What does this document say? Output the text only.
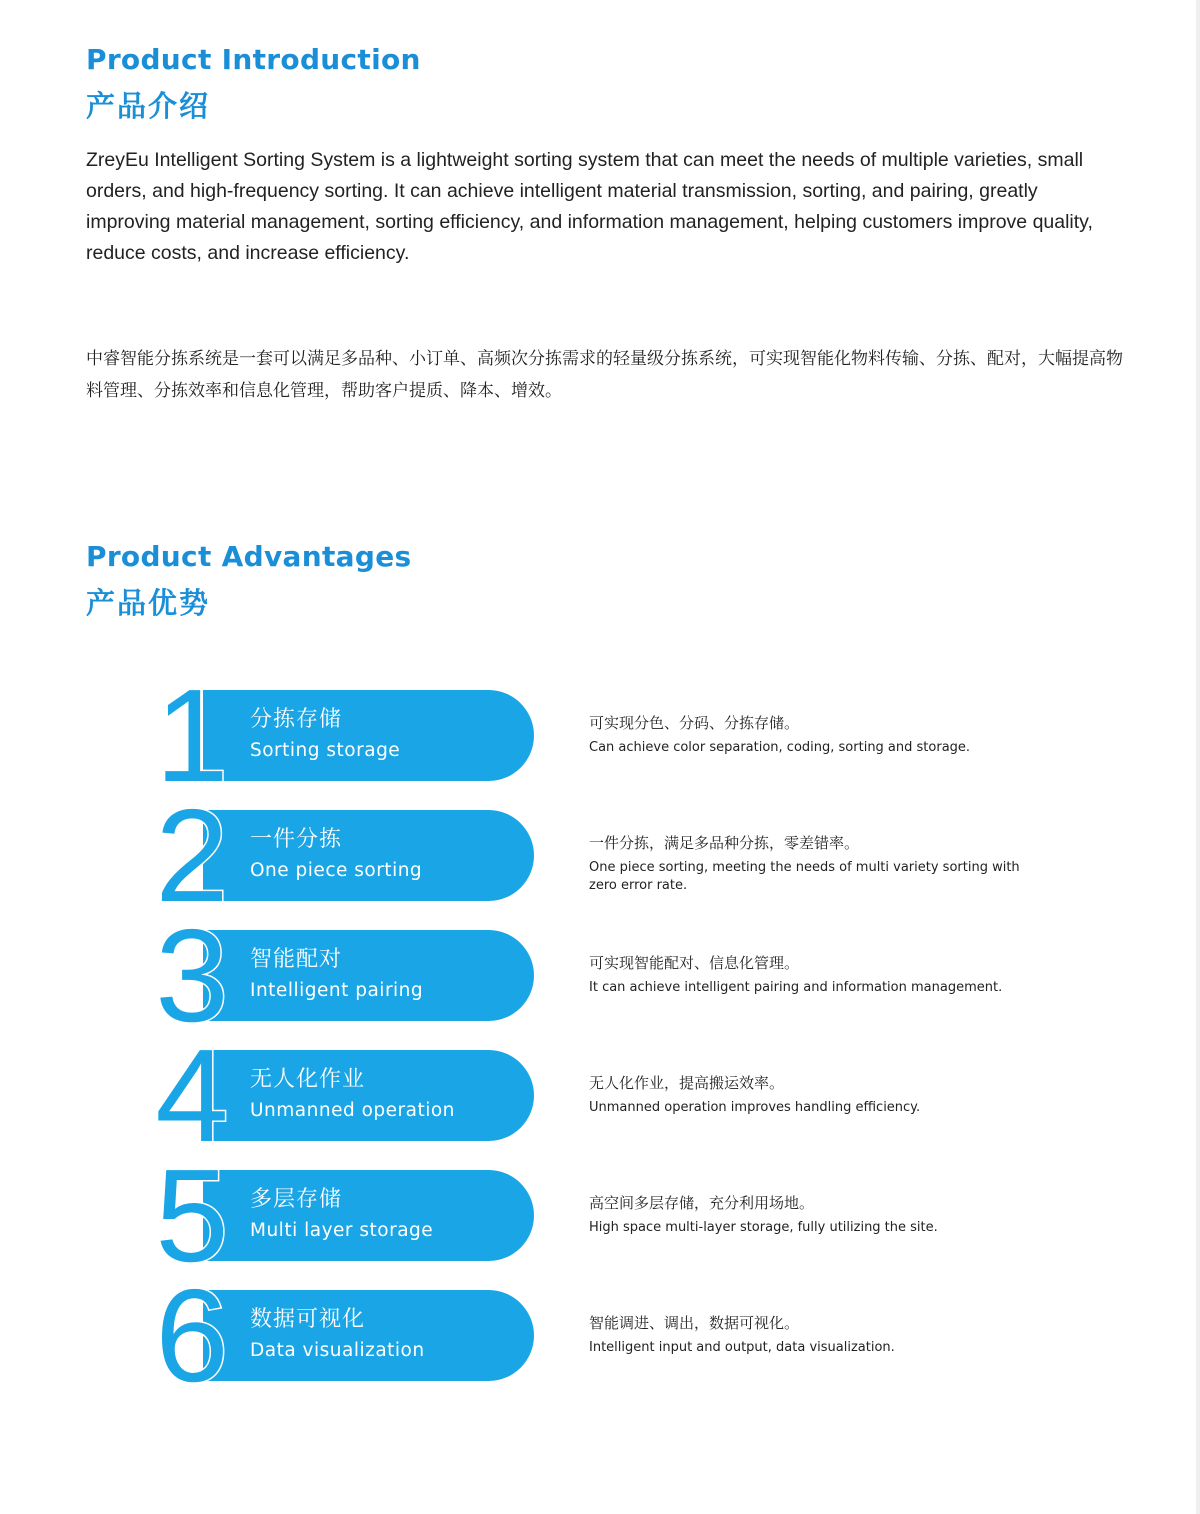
Product Introduction
产品介绍

ZreyEu Intelligent Sorting System is a lightweight sorting system that can meet the needs of multiple varieties, small orders, and high-frequency sorting. It can achieve intelligent material transmission, sorting, and pairing, greatly improving material management, sorting efficiency, and information management, helping customers improve quality, reduce costs, and increase efficiency.

中睿智能分拣系统是一套可以满足多品种、小订单、高频次分拣需求的轻量级分拣系统，可实现智能化物料传输、分拣、配对，大幅提高物料管理、分拣效率和信息化管理，帮助客户提质、降本、增效。

Product Advantages
产品优势
1 分拣存储

Sorting storage

可实现分色、分码、分拣存储。

Can achieve color separation, coding, sorting and storage.

2 一件分拣

One piece sorting

一件分拣，满足多品种分拣，零差错率。

One piece sorting, meeting the needs of multi variety sorting with zero error rate.

3 智能配对

Intelligent pairing

可实现智能配对、信息化管理。

It can achieve intelligent pairing and information management.

4 无人化作业

Unmanned operation

无人化作业，提高搬运效率。

Unmanned operation improves handling efficiency.

5 多层存储

Multi layer storage

高空间多层存储，充分利用场地。

High space multi-layer storage, fully utilizing the site.

6 数据可视化

Data visualization

智能调进、调出，数据可视化。

Intelligent input and output, data visualization.
